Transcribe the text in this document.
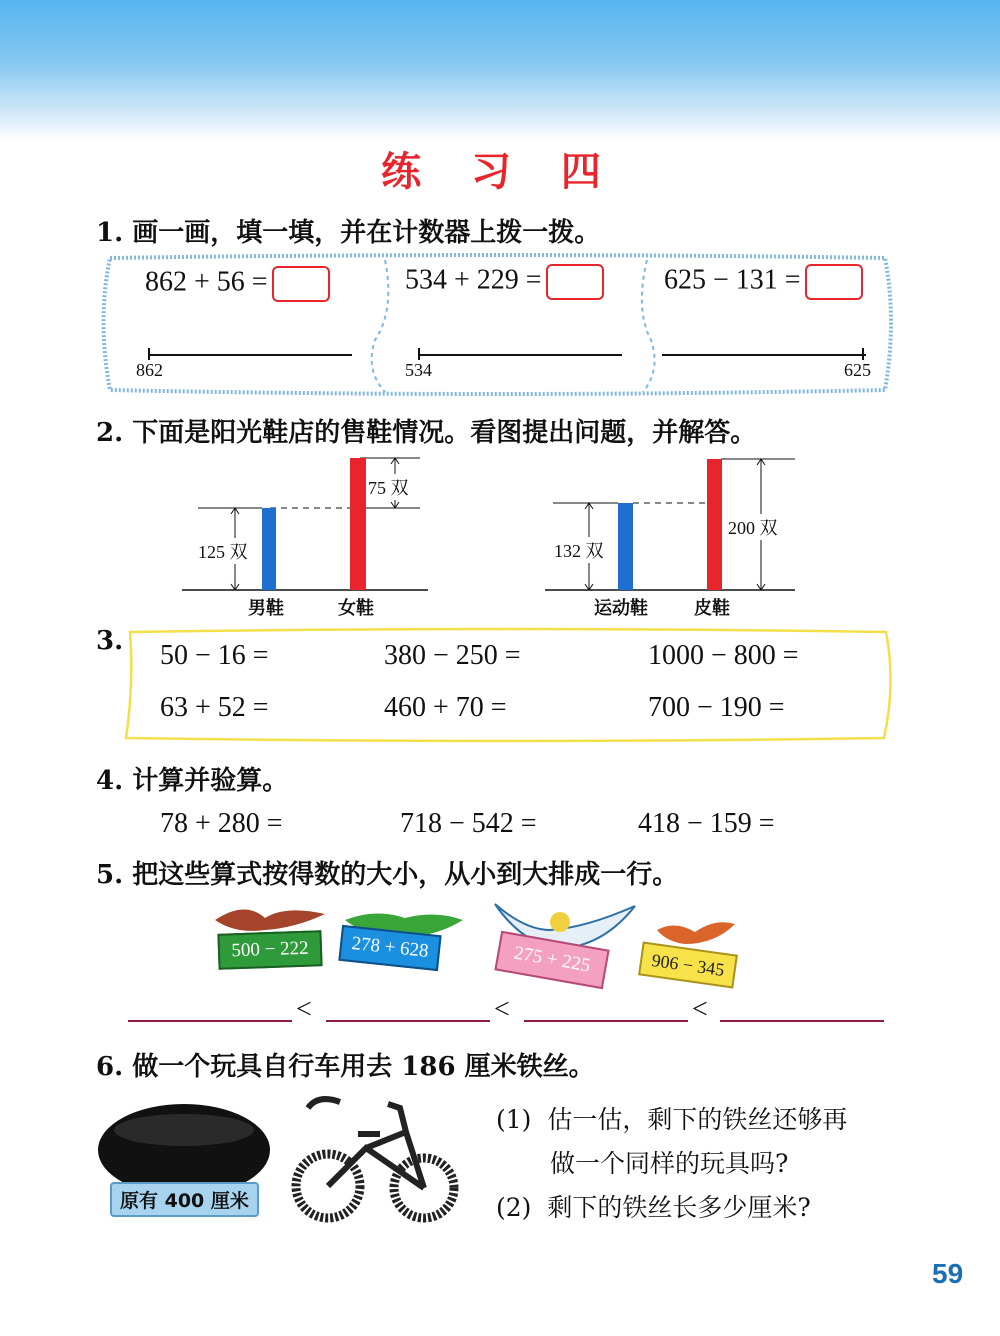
练 习 四
1. 画一画，填一填，并在计数器上拨一拨。
862 + 56 =	534 + 229 =	625 − 131 =
862	534	625
2. 下面是阳光鞋店的售鞋情况。看图提出问题，并解答。
125 双
75 双
男鞋	女鞋
132 双
200 双
运动鞋	皮鞋
3. 50 − 16 =	380 − 250 =	1000 − 800 =
63 + 52 =	460 + 70 =	700 − 190 =
4. 计算并验算。
78 + 280 =	718 − 542 =	418 − 159 =
5. 把这些算式按得数的大小，从小到大排成一行。
500 − 222	278 + 628	275 + 225	906 − 345
<	<	<
6. 做一个玩具自行车用去 186 厘米铁丝。
原有 400 厘米
(1) 估一估，剩下的铁丝还够再
做一个同样的玩具吗?
(2) 剩下的铁丝长多少厘米?
59
